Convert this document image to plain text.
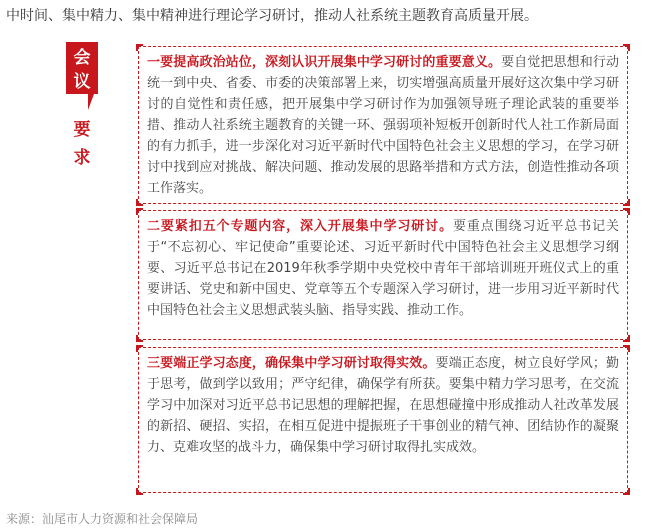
中时间、集中精力、集中精神进行理论学习研讨，推动人社系统主题教育高质量开展。
会
议
要
求
一要提高政治站位，深刻认识开展集中学习研讨的重要意义。要自觉把思想和行动统一到中央、省委、市委的决策部署上来，切实增强高质量开展好这次集中学习研讨的自觉性和责任感，把开展集中学习研讨作为加强领导班子理论武装的重要举措、推动人社系统主题教育的关键一环、强弱项补短板开创新时代人社工作新局面的有力抓手，进一步深化对习近平新时代中国特色社会主义思想的学习，在学习研讨中找到应对挑战、解决问题、推动发展的思路举措和方式方法，创造性推动各项工作落实。
二要紧扣五个专题内容，深入开展集中学习研讨。要重点围绕习近平总书记关于“不忘初心、牢记使命”重要论述、习近平新时代中国特色社会主义思想学习纲要、习近平总书记在2019年秋季学期中央党校中青年干部培训班开班仪式上的重要讲话、党史和新中国史、党章等五个专题深入学习研讨，进一步用习近平新时代中国特色社会主义思想武装头脑、指导实践、推动工作。
三要端正学习态度，确保集中学习研讨取得实效。要端正态度，树立良好学风；勤于思考，做到学以致用；严守纪律，确保学有所获。要集中精力学习思考，在交流学习中加深对习近平总书记思想的理解把握，在思想碰撞中形成推动人社改革发展的新招、硬招、实招，在相互促进中提振班子干事创业的精气神、团结协作的凝聚力、克难攻坚的战斗力，确保集中学习研讨取得扎实成效。
来源：汕尾市人力资源和社会保障局
